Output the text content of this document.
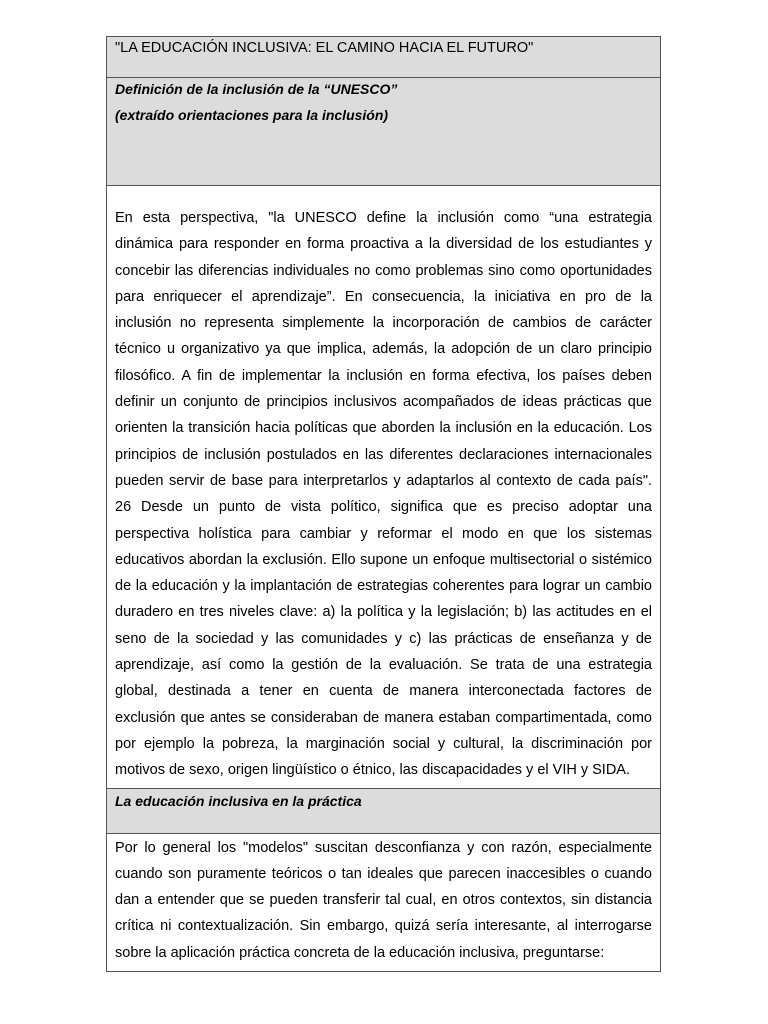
"LA EDUCACIÓN INCLUSIVA: EL CAMINO HACIA EL FUTURO"
Definición de la inclusión de la “UNESCO”
(extraído orientaciones para la inclusión)

En esta perspectiva, "la UNESCO define la inclusión como “una estrategia dinámica para responder en forma proactiva a la diversidad de los estudiantes y concebir las diferencias individuales no como problemas sino como oportunidades para enriquecer el aprendizaje”. En consecuencia, la iniciativa en pro de la inclusión no representa simplemente la incorporación de cambios de carácter técnico u organizativo ya que implica, además, la adopción de un claro principio filosófico. A fin de implementar la inclusión en forma efectiva, los países deben definir un conjunto de principios inclusivos acompañados de ideas prácticas que orienten la transición hacia políticas que aborden la inclusión en la educación. Los principios de inclusión postulados en las diferentes declaraciones internacionales pueden servir de base para interpretarlos y adaptarlos al contexto de cada país". 26 Desde un punto de vista político, significa que es preciso adoptar una perspectiva holística para cambiar y reformar el modo en que los sistemas educativos abordan la exclusión. Ello supone un enfoque multisectorial o sistémico de la educación y la implantación de estrategias coherentes para lograr un cambio duradero en tres niveles clave: a) la política y la legislación; b) las actitudes en el seno de la sociedad y las comunidades y c) las prácticas de enseñanza y de aprendizaje, así como la gestión de la evaluación. Se trata de una estrategia global, destinada a tener en cuenta de manera interconectada factores de exclusión que antes se consideraban de manera estaban compartimentada, como por ejemplo la pobreza, la marginación social y cultural, la discriminación por motivos de sexo, origen lingüístico o étnico, las discapacidades y el VIH y SIDA.

La educación inclusiva en la práctica

Por lo general los "modelos" suscitan desconfianza y con razón, especialmente cuando son puramente teóricos o tan ideales que parecen inaccesibles o cuando dan a entender que se pueden transferir tal cual, en otros contextos, sin distancia crítica ni contextualización. Sin embargo, quizá sería interesante, al interrogarse sobre la aplicación práctica concreta de la educación inclusiva, preguntarse:
